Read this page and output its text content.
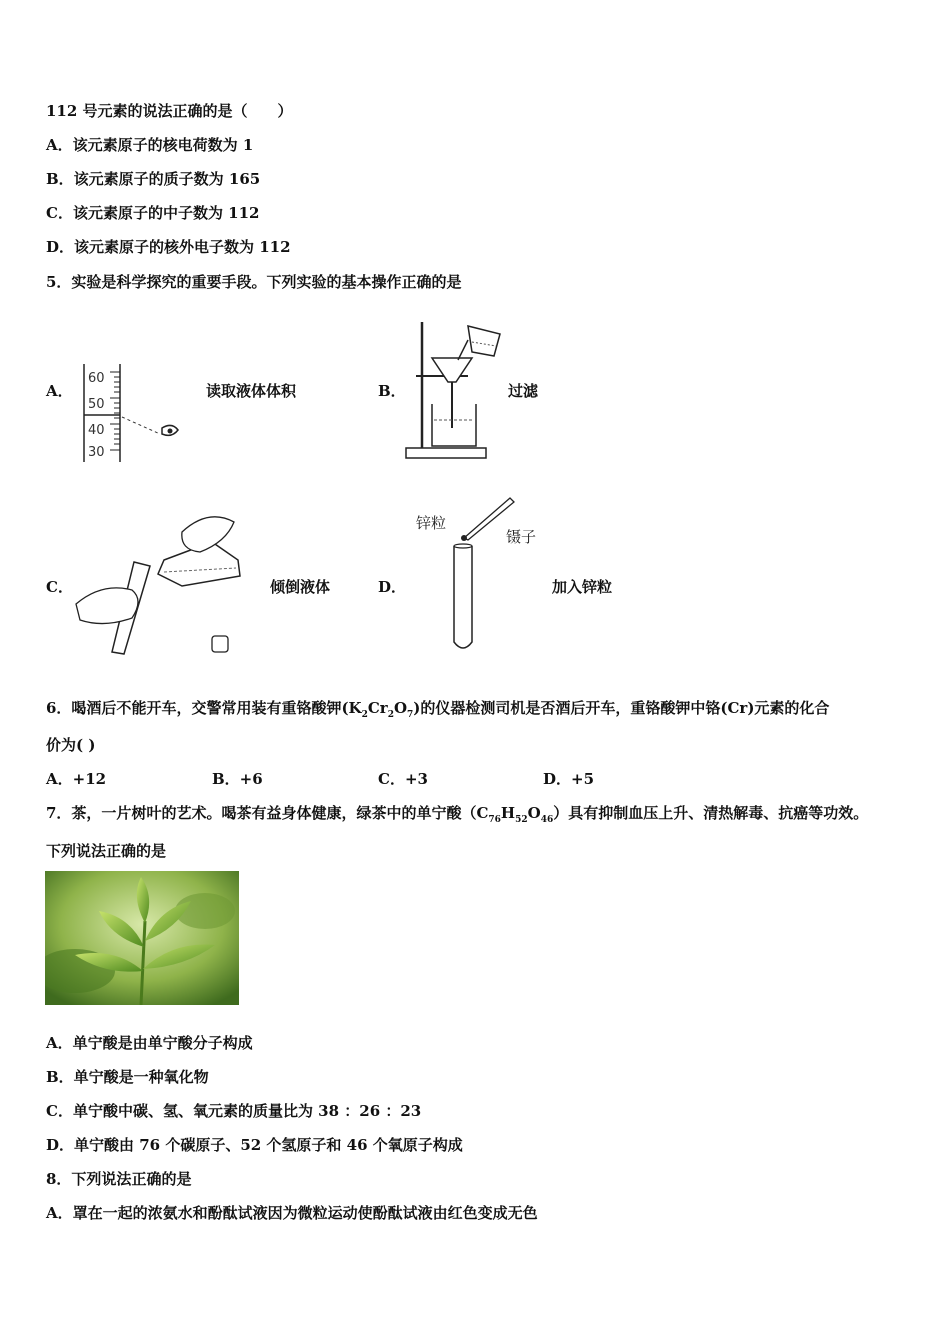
112 号元素的说法正确的是（　　）
A．该元素原子的核电荷数为 1
B．该元素原子的质子数为 165
C．该元素原子的中子数为 112
D．该元素原子的核外电子数为 112
5．实验是科学探究的重要手段。下列实验的基本操作正确的是
A．
60
50
40
30
读取液体体积	B．	过滤
C．	倾倒液体	D．
锌粒
镊子
加入锌粒
6．喝酒后不能开车，交警常用装有重铬酸钾$(K_2Cr_2O_7)$的仪器检测司机是否酒后开车，重铬酸钾中铬(Cr)元素的化合
价为( )
A．+12	B．+6	C．+3	D．+5
7．茶，一片树叶的艺术。喝茶有益身体健康，绿茶中的单宁酸$(C_{76}H_{52}O_{46})$具有抑制血压上升、清热解毒、抗癌等功效。
下列说法正确的是
A．单宁酸是由单宁酸分子构成
B．单宁酸是一种氧化物
C．单宁酸中碳、氢、氧元素的质量比为 38 ：26 ：23
D．单宁酸由 76 个碳原子、52 个氢原子和 46 个氧原子构成
8．下列说法正确的是
A．罩在一起的浓氨水和酚酞试液因为微粒运动使酚酞试液由红色变成无色
